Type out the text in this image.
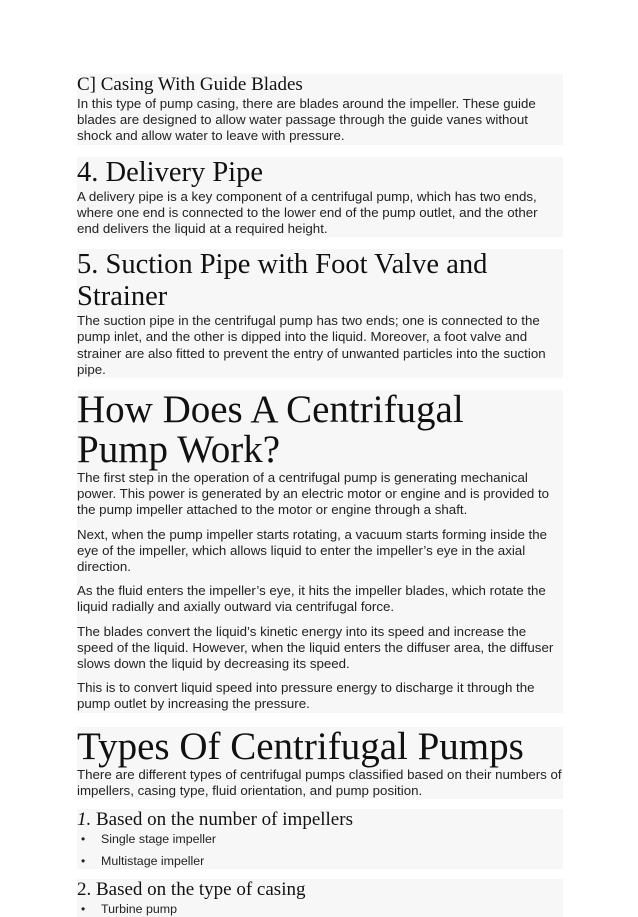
C] Casing With Guide Blades

In this type of pump casing, there are blades around the impeller. These guide blades are designed to allow water passage through the guide vanes without shock and allow water to leave with pressure.

4. Delivery Pipe

A delivery pipe is a key component of a centrifugal pump, which has two ends, where one end is connected to the lower end of the pump outlet, and the other end delivers the liquid at a required height.

5. Suction Pipe with Foot Valve and Strainer

The suction pipe in the centrifugal pump has two ends; one is connected to the pump inlet, and the other is dipped into the liquid. Moreover, a foot valve and strainer are also fitted to prevent the entry of unwanted particles into the suction pipe.

How Does A Centrifugal Pump Work?

The first step in the operation of a centrifugal pump is generating mechanical power. This power is generated by an electric motor or engine and is provided to the pump impeller attached to the motor or engine through a shaft.

Next, when the pump impeller starts rotating, a vacuum starts forming inside the eye of the impeller, which allows liquid to enter the impeller’s eye in the axial direction.

As the fluid enters the impeller’s eye, it hits the impeller blades, which rotate the liquid radially and axially outward via centrifugal force.

The blades convert the liquid’s kinetic energy into its speed and increase the speed of the liquid. However, when the liquid enters the diffuser area, the diffuser slows down the liquid by decreasing its speed.

This is to convert liquid speed into pressure energy to discharge it through the pump outlet by increasing the pressure.

Types Of Centrifugal Pumps

There are different types of centrifugal pumps classified based on their numbers of impellers, casing type, fluid orientation, and pump position.

1. Based on the number of impellers
• Single stage impeller
• Multistage impeller
2. Based on the type of casing
• Turbine pump
